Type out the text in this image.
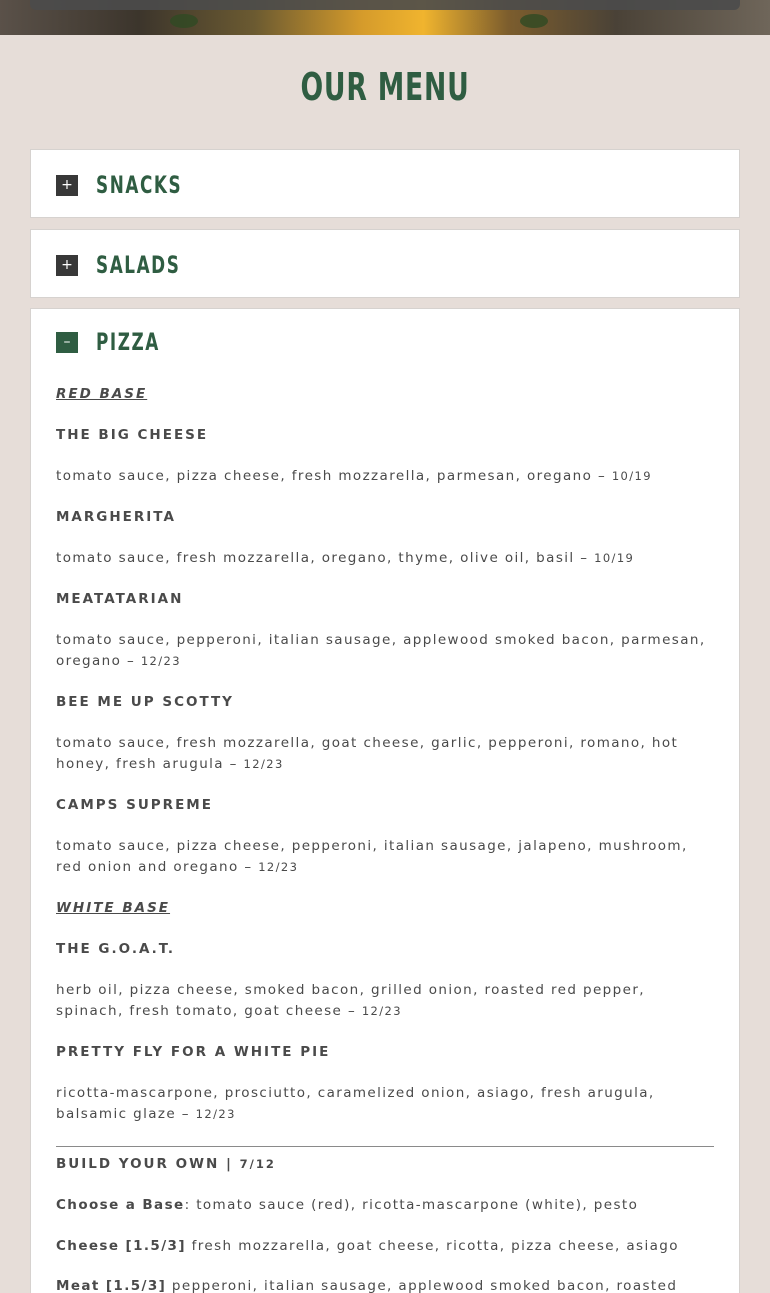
OUR MENU
+ SNACKS
+ SALADS
–	PIZZA
RED BASE
THE BIG CHEESE
tomato sauce, pizza cheese, fresh mozzarella, parmesan, oregano – 10/19
MARGHERITA
tomato sauce, fresh mozzarella, oregano, thyme, olive oil, basil – 10/19
MEATATARIAN
tomato sauce, pepperoni, italian sausage, applewood smoked bacon, parmesan, oregano – 12/23
BEE ME UP SCOTTY
tomato sauce, fresh mozzarella, goat cheese, garlic, pepperoni, romano, hot honey, fresh arugula – 12/23
CAMPS SUPREME
tomato sauce, pizza cheese, pepperoni, italian sausage, jalapeno, mushroom, red onion and oregano – 12/23
WHITE BASE
THE G.O.A.T.
herb oil, pizza cheese, smoked bacon, grilled onion, roasted red pepper, spinach, fresh tomato, goat cheese – 12/23
PRETTY FLY FOR A WHITE PIE
ricotta-mascarpone, prosciutto, caramelized onion, asiago, fresh arugula, balsamic glaze – 12/23
BUILD YOUR OWN | 7/12
Choose a Base: tomato sauce (red), ricotta-mascarpone (white), pesto
Cheese [1.5/3] fresh mozzarella, goat cheese, ricotta, pizza cheese, asiago
Meat [1.5/3] pepperoni, italian sausage, applewood smoked bacon, roasted
